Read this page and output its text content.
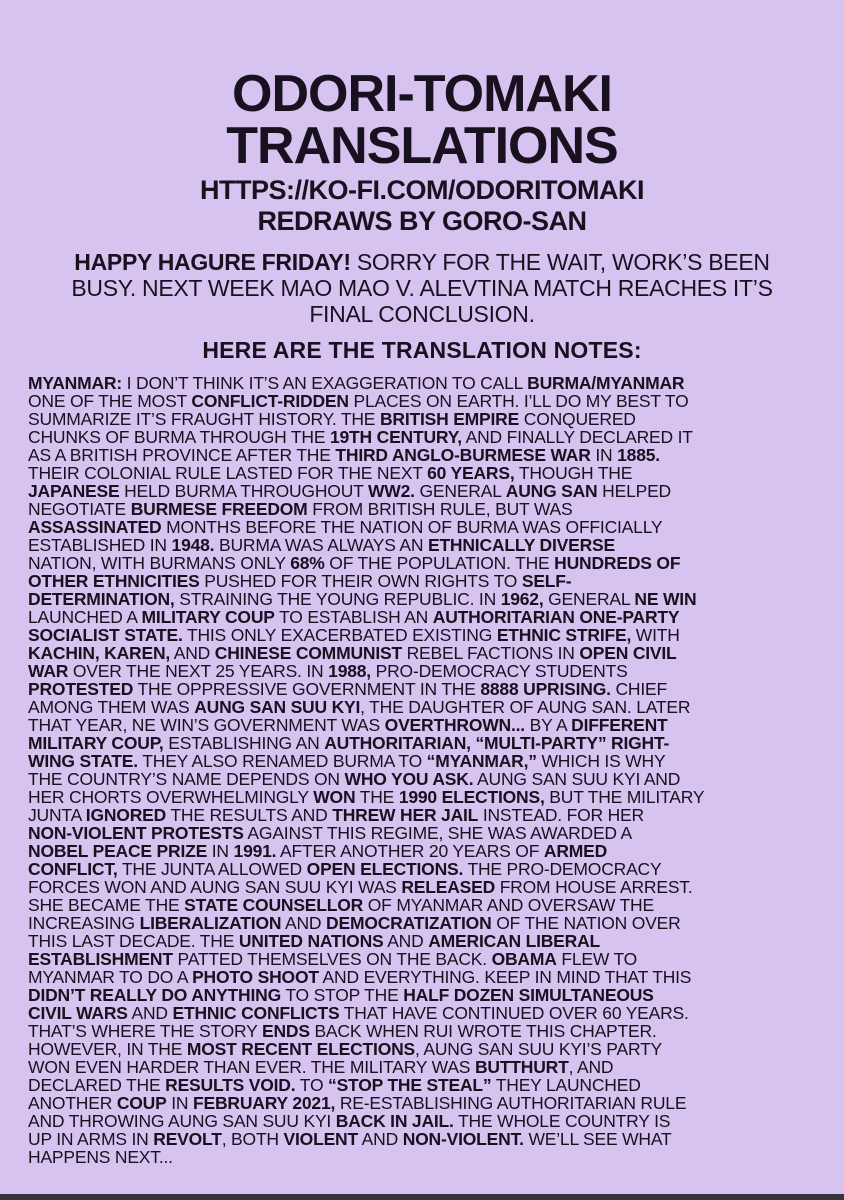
ODORI-TOMAKI
TRANSLATIONS
HTTPS://KO-FI.COM/ODORITOMAKI
REDRAWS BY GORO-SAN
HAPPY HAGURE FRIDAY! SORRY FOR THE WAIT, WORK’S BEEN
BUSY. NEXT WEEK MAO MAO V. ALEVTINA MATCH REACHES IT’S
FINAL CONCLUSION.
HERE ARE THE TRANSLATION NOTES:
MYANMAR: I DON’T THINK IT’S AN EXAGGERATION TO CALL BURMA/MYANMAR
ONE OF THE MOST CONFLICT-RIDDEN PLACES ON EARTH. I’LL DO MY BEST TO
SUMMARIZE IT’S FRAUGHT HISTORY. THE BRITISH EMPIRE CONQUERED
CHUNKS OF BURMA THROUGH THE 19TH CENTURY, AND FINALLY DECLARED IT
AS A BRITISH PROVINCE AFTER THE THIRD ANGLO-BURMESE WAR IN 1885.
THEIR COLONIAL RULE LASTED FOR THE NEXT 60 YEARS, THOUGH THE
JAPANESE HELD BURMA THROUGHOUT WW2. GENERAL AUNG SAN HELPED
NEGOTIATE BURMESE FREEDOM FROM BRITISH RULE, BUT WAS
ASSASSINATED MONTHS BEFORE THE NATION OF BURMA WAS OFFICIALLY
ESTABLISHED IN 1948. BURMA WAS ALWAYS AN ETHNICALLY DIVERSE
NATION, WITH BURMANS ONLY 68% OF THE POPULATION. THE HUNDREDS OF
OTHER ETHNICITIES PUSHED FOR THEIR OWN RIGHTS TO SELF-
DETERMINATION, STRAINING THE YOUNG REPUBLIC. IN 1962, GENERAL NE WIN
LAUNCHED A MILITARY COUP TO ESTABLISH AN AUTHORITARIAN ONE-PARTY
SOCIALIST STATE. THIS ONLY EXACERBATED EXISTING ETHNIC STRIFE, WITH
KACHIN, KAREN, AND CHINESE COMMUNIST REBEL FACTIONS IN OPEN CIVIL
WAR OVER THE NEXT 25 YEARS. IN 1988, PRO-DEMOCRACY STUDENTS
PROTESTED THE OPPRESSIVE GOVERNMENT IN THE 8888 UPRISING. CHIEF
AMONG THEM WAS AUNG SAN SUU KYI, THE DAUGHTER OF AUNG SAN. LATER
THAT YEAR, NE WIN’S GOVERNMENT WAS OVERTHROWN... BY A DIFFERENT
MILITARY COUP, ESTABLISHING AN AUTHORITARIAN, “MULTI-PARTY” RIGHT-
WING STATE. THEY ALSO RENAMED BURMA TO “MYANMAR,” WHICH IS WHY
THE COUNTRY’S NAME DEPENDS ON WHO YOU ASK. AUNG SAN SUU KYI AND
HER CHORTS OVERWHELMINGLY WON THE 1990 ELECTIONS, BUT THE MILITARY
JUNTA IGNORED THE RESULTS AND THREW HER JAIL INSTEAD. FOR HER
NON-VIOLENT PROTESTS AGAINST THIS REGIME, SHE WAS AWARDED A
NOBEL PEACE PRIZE IN 1991. AFTER ANOTHER 20 YEARS OF ARMED
CONFLICT, THE JUNTA ALLOWED OPEN ELECTIONS. THE PRO-DEMOCRACY
FORCES WON AND AUNG SAN SUU KYI WAS RELEASED FROM HOUSE ARREST.
SHE BECAME THE STATE COUNSELLOR OF MYANMAR AND OVERSAW THE
INCREASING LIBERALIZATION AND DEMOCRATIZATION OF THE NATION OVER
THIS LAST DECADE. THE UNITED NATIONS AND AMERICAN LIBERAL
ESTABLISHMENT PATTED THEMSELVES ON THE BACK. OBAMA FLEW TO
MYANMAR TO DO A PHOTO SHOOT AND EVERYTHING. KEEP IN MIND THAT THIS
DIDN’T REALLY DO ANYTHING TO STOP THE HALF DOZEN SIMULTANEOUS
CIVIL WARS AND ETHNIC CONFLICTS THAT HAVE CONTINUED OVER 60 YEARS.
THAT’S WHERE THE STORY ENDS BACK WHEN RUI WROTE THIS CHAPTER.
HOWEVER, IN THE MOST RECENT ELECTIONS, AUNG SAN SUU KYI’S PARTY
WON EVEN HARDER THAN EVER. THE MILITARY WAS BUTTHURT, AND
DECLARED THE RESULTS VOID. TO “STOP THE STEAL” THEY LAUNCHED
ANOTHER COUP IN FEBRUARY 2021, RE-ESTABLISHING AUTHORITARIAN RULE
AND THROWING AUNG SAN SUU KYI BACK IN JAIL. THE WHOLE COUNTRY IS
UP IN ARMS IN REVOLT, BOTH VIOLENT AND NON-VIOLENT. WE’LL SEE WHAT
HAPPENS NEXT...
